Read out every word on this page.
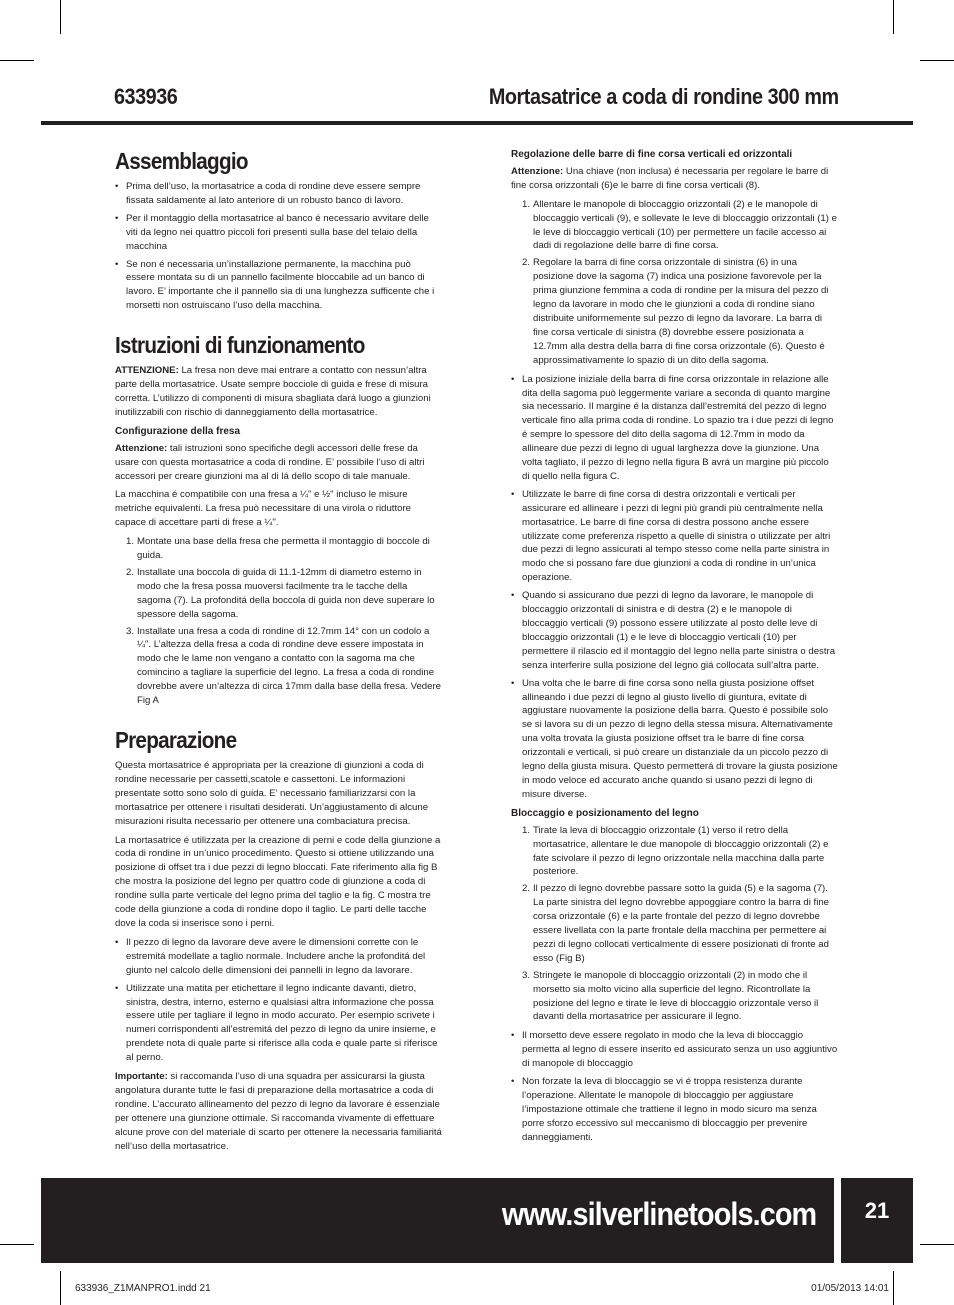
633936	Mortasatrice a coda di rondine 300 mm
Assemblaggio
• Prima dell’uso, la mortasatrice a coda di rondine deve essere sempre fissata saldamente al lato anteriore di un robusto banco di lavoro.
• Per il montaggio della mortasatrice al banco é necessario avvitare delle viti da legno nei quattro piccoli fori presenti sulla base del telaio della macchina
• Se non é necessaria un’installazione permanente, la macchina può essere montata su di un pannello facilmente bloccabile ad un banco di lavoro. E’ importante che il pannello sia di una lunghezza sufficente che i morsetti non ostruiscano l’uso della macchina.
Istruzioni di funzionamento

ATTENZIONE: La fresa non deve mai entrare a contatto con nessun’altra parte della mortasatrice. Usate sempre bocciole di guida e frese di misura corretta. L’utilizzo di componenti di misura sbagliata dará luogo a giunzioni inutilizzabili con rischio di danneggiamento della mortasatrice.

Configurazione della fresa

Attenzione: tali istruzioni sono specifiche degli accessori delle frese da usare con questa mortasatrice a coda di rondine. E’ possibile l’uso di altri accessori per creare giunzioni ma al di lá dello scopo di tale manuale.

La macchina é compatibile con una fresa a ¼" e ½" incluso le misure metriche equivalenti. La fresa può necessitare di una virola o riduttore capace di accettare parti di frese a ¼".

1. Montate una base della fresa che permetta il montaggio di boccole di guida.
2. Installate una boccola di guida di 11.1-12mm di diametro esterno in modo che la fresa possa muoversi facilmente tra le tacche della sagoma (7). La profonditá della boccola di guida non deve superare lo spessore della sagoma.
3. Installate una fresa a coda di rondine di 12.7mm 14° con un codolo a ¼". L’altezza della fresa a coda di rondine deve essere impostata in modo che le lame non vengano a contatto con la sagoma ma che comincino a tagliare la superficie del legno. La fresa a coda di rondine dovrebbe avere un’altezza di circa 17mm dalla base della fresa. Vedere Fig A
Preparazione

Questa mortasatrice é appropriata per la creazione di giunzioni a coda di rondine necessarie per cassetti,scatole e cassettoni. Le informazioni presentate sotto sono solo di guida. E’ necessario familiarizzarsi con la mortasatrice per ottenere i risultati desiderati. Un’aggiustamento di alcune misurazioni risulta necessario per ottenere una combaciatura precisa.

La mortasatrice é utilizzata per la creazione di perni e code della giunzione a coda di rondine in un’unico procedimento. Questo si ottiene utilizzando una posizione di offset tra i due pezzi di legno bloccati. Fate riferimento alla fig B che mostra la posizione del legno per quattro code di giunzione a coda di rondine sulla parte verticale del legno prima del taglio e la fig. C mostra tre code della giunzione a coda di rondine dopo il taglio. Le parti delle tacche dove la coda si inserisce sono i perni.

• Il pezzo di legno da lavorare deve avere le dimensioni corrette con le estremitá modellate a taglio normale. Includere anche la profonditá del giunto nel calcolo delle dimensioni dei pannelli in legno da lavorare.
• Utilizzate una matita per etichettare il legno indicante davanti, dietro, sinistra, destra, interno, esterno e qualsiasi altra informazione che possa essere utile per tagliare il legno in modo accurato. Per esempio scrivete i numeri corrispondenti all’estremitá del pezzo di legno da unire insieme, e prendete nota di quale parte si riferisce alla coda e quale parte si riferisce al perno.

Importante: si raccomanda l’uso di una squadra per assicurarsi la giusta angolatura durante tutte le fasi di preparazione della mortasatrice a coda di rondine. L’accurato allineamento del pezzo di legno da lavorare é essenziale per ottenere una giunzione ottimale. Si raccomanda vivamente di effettuare alcune prove con del materiale di scarto per ottenere la necessaria familiaritá nell’uso della mortasatrice.

Regolazione delle barre di fine corsa verticali ed orizzontali

Attenzione: Una chiave (non inclusa) é necessaria per regolare le barre di fine corsa orizzontali (6)e le barre di fine corsa verticali (8).

1. Allentare le manopole di bloccaggio orizzontali (2) e le manopole di bloccaggio verticali (9), e sollevate le leve di bloccaggio orizzontali (1) e le leve di bloccaggio verticali (10) per permettere un facile accesso ai dadi di regolazione delle barre di fine corsa.
2. Regolare la barra di fine corsa orizzontale di sinistra (6) in una posizione dove la sagoma (7) indica una posizione favorevole per la prima giunzione femmina a coda di rondine per la misura del pezzo di legno da lavorare in modo che le giunzioni a coda di rondine siano distribuite uniformemente sul pezzo di legno da lavorare. La barra di fine corsa verticale di sinistra (8) dovrebbe essere posizionata a 12.7mm alla destra della barra di fine corsa orizzontale (6). Questo é approssimativamente lo spazio di un dito della sagoma.
• La posizione iniziale della barra di fine corsa orizzontale in relazione alle dita della sagoma può leggermente variare a seconda di quanto margine sia necessario. Il margine é la distanza dall’estremitá del pezzo di legno verticale fino alla prima coda di rondine. Lo spazio tra i due pezzi di legno é sempre lo spessore del dito della sagoma di 12.7mm in modo da allineare due pezzi di legno di ugual larghezza dove la giunzione. Una volta tagliato, il pezzo di legno nella figura B avrá un margine più piccolo di quello nella figura C.
• Utilizzate le barre di fine corsa di destra orizzontali e verticali per assicurare ed allineare i pezzi di legni più grandi più centralmente nella mortasatrice. Le barre di fine corsa di destra possono anche essere utilizzate come preferenza rispetto a quelle di sinistra o utilizzate per altri due pezzi di legno assicurati al tempo stesso come nella parte sinistra in modo che si possano fare due giunzioni a coda di rondine in un’unica operazione.
• Quando si assicurano due pezzi di legno da lavorare, le manopole di bloccaggio orizzontali di sinistra e di destra (2) e le manopole di bloccaggio verticali (9) possono essere utilizzate al posto delle leve di bloccaggio orizzontali (1) e le leve di bloccaggio verticali (10) per permettere il rilascio ed il montaggio del legno nella parte sinistra o destra senza interferire sulla posizione del legno giá collocata sull’altra parte.
• Una volta che le barre di fine corsa sono nella giusta posizione offset allineando i due pezzi di legno al giusto livello di giuntura, evitate di aggiustare nuovamente la posizione della barra. Questo é possibile solo se si lavora su di un pezzo di legno della stessa misura. Alternativamente una volta trovata la giusta posizione offset tra le barre di fine corsa orizzontali e verticali, si può creare un distanziale da un piccolo pezzo di legno della giusta misura. Questo permetterá di trovare la giusta posizione in modo veloce ed accurato anche quando si usano pezzi di legno di misure diverse.
Bloccaggio e posizionamento del legno
1. Tirate la leva di bloccaggio orizzontale (1) verso il retro della mortasatrice, allentare le due manopole di bloccaggio orizzontali (2) e fate scivolare il pezzo di legno orizzontale nella macchina dalla parte posteriore.
2. Il pezzo di legno dovrebbe passare sotto la guida (5) e la sagoma (7). La parte sinistra del legno dovrebbe appoggiare contro la barra di fine corsa orizzontale (6) e la parte frontale del pezzo di legno dovrebbe essere livellata con la parte frontale della macchina per permettere ai pezzi di legno collocati verticalmente di essere posizionati di fronte ad esso (Fig B)
3. Stringete le manopole di bloccaggio orizzontali (2) in modo che il morsetto sia molto vicino alla superficie del legno. Ricontrollate la posizione del legno e tirate le leve di bloccaggio orizzontale verso il davanti della mortasatrice per assicurare il legno.
• Il morsetto deve essere regolato in modo che la leva di bloccaggio permetta al legno di essere inserito ed assicurato senza un uso aggiuntivo di manopole di bloccaggio
• Non forzate la leva di bloccaggio se vi é troppa resistenza durante l’operazione. Allentate le manopole di bloccaggio per aggiustare l’impostazione ottimale che trattiene il legno in modo sicuro ma senza porre sforzo eccessivo sul meccanismo di bloccaggio per prevenire danneggiamenti.
www.silverlinetools.com	21
633936_Z1MANPRO1.indd 21	01/05/2013 14:01
